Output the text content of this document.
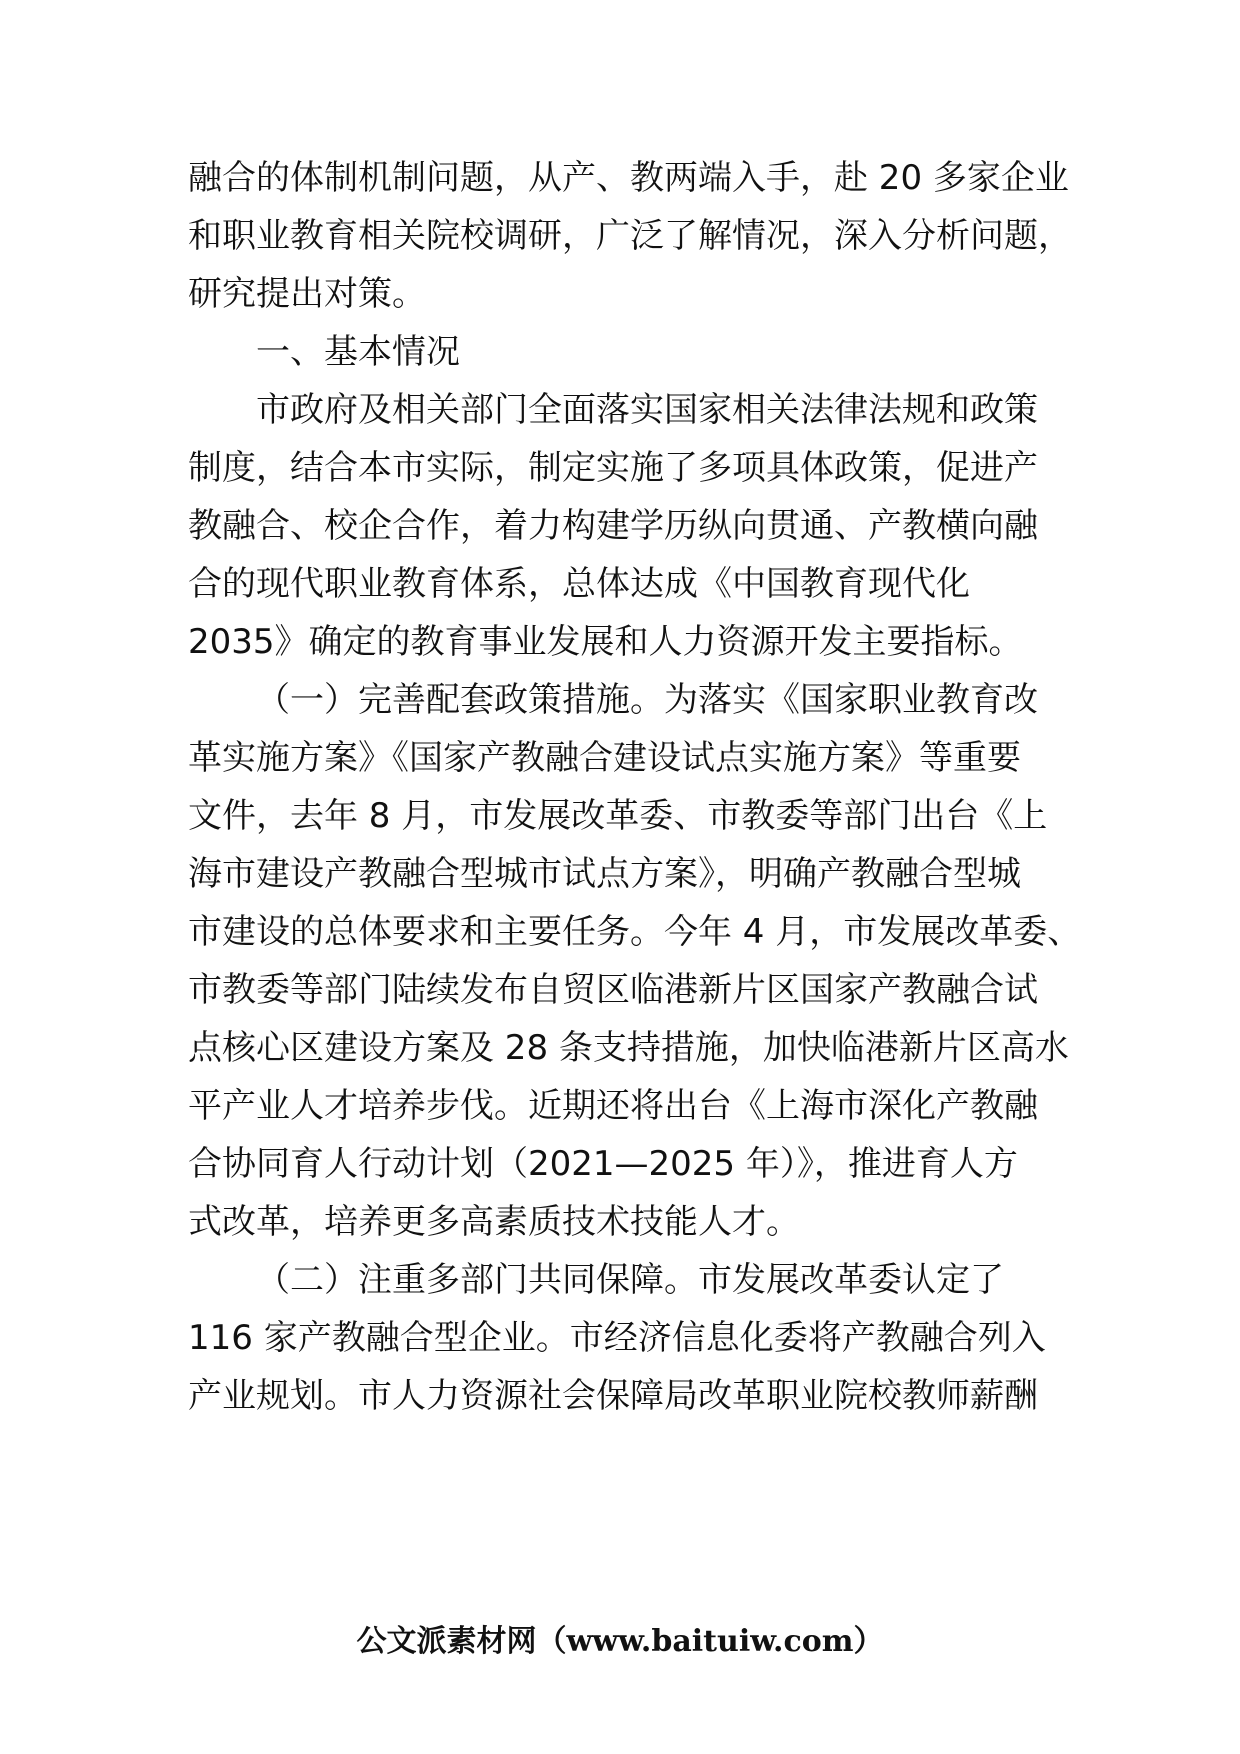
融合的体制机制问题，从产、教两端入手，赴 20 多家企业
和职业教育相关院校调研，广泛了解情况，深入分析问题，
研究提出对策。
一、基本情况
市政府及相关部门全面落实国家相关法律法规和政策
制度，结合本市实际，制定实施了多项具体政策，促进产
教融合、校企合作，着力构建学历纵向贯通、产教横向融
合的现代职业教育体系，总体达成《中国教育现代化
2035》确定的教育事业发展和人力资源开发主要指标。
（一）完善配套政策措施。为落实《国家职业教育改
革实施方案》《国家产教融合建设试点实施方案》等重要
文件，去年 8 月，市发展改革委、市教委等部门出台《上
海市建设产教融合型城市试点方案》，明确产教融合型城
市建设的总体要求和主要任务。今年 4 月，市发展改革委、
市教委等部门陆续发布自贸区临港新片区国家产教融合试
点核心区建设方案及 28 条支持措施，加快临港新片区高水
平产业人才培养步伐。近期还将出台《上海市深化产教融
合协同育人行动计划（2021—2025 年）》，推进育人方
式改革，培养更多高素质技术技能人才。
（二）注重多部门共同保障。市发展改革委认定了
116 家产教融合型企业。市经济信息化委将产教融合列入
产业规划。市人力资源社会保障局改革职业院校教师薪酬
公文派素材网（www.baituiw.com）
